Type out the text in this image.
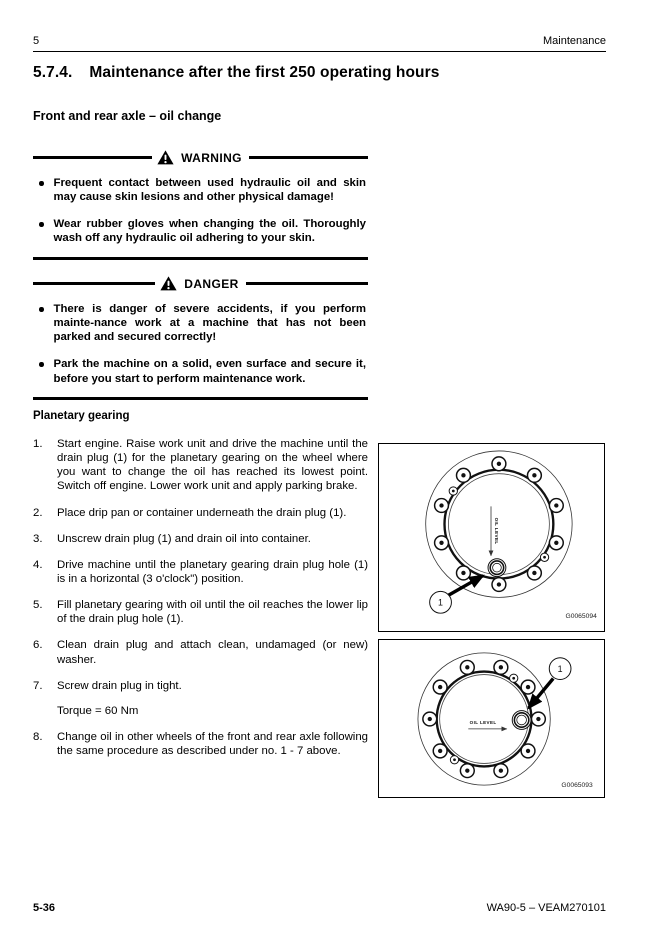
5	Maintenance
5.7.4. Maintenance after the first 250 operating hours
Front and rear axle – oil change
WARNING
Frequent contact between used hydraulic oil and skin may cause skin lesions and other physical damage!
Wear rubber gloves when changing the oil. Thoroughly wash off any hydraulic oil adhering to your skin.
DANGER
There is danger of severe accidents, if you perform mainte-nance work at a machine that has not been parked and secured correctly!
Park the machine on a solid, even surface and secure it, before you start to perform maintenance work.
Planetary gearing
1.	Start engine. Raise work unit and drive the machine until the drain plug (1) for the planetary gearing on the wheel where you want to change the oil has reached its lowest point. Switch off engine. Lower work unit and apply parking brake.

2.	Place drip pan or container underneath the drain plug (1).

3.	Unscrew drain plug (1) and drain oil into container.

4.	Drive machine until the planetary gearing drain plug hole (1) is in a horizontal (3 o'clock") position.

5.	Fill planetary gearing with oil until the oil reaches the lower lip of the drain plug hole (1).

6.	Clean drain plug and attach clean, undamaged (or new) washer.

7.	Screw drain plug in tight.

Torque = 60 Nm

8.	Change oil in other wheels of the front and rear axle following the same procedure as described under no. 1 - 7 above.

OIL LEVEL
1
G0065094
OIL LEVEL
1
G0065093
5-36	WA90-5 – VEAM270101
